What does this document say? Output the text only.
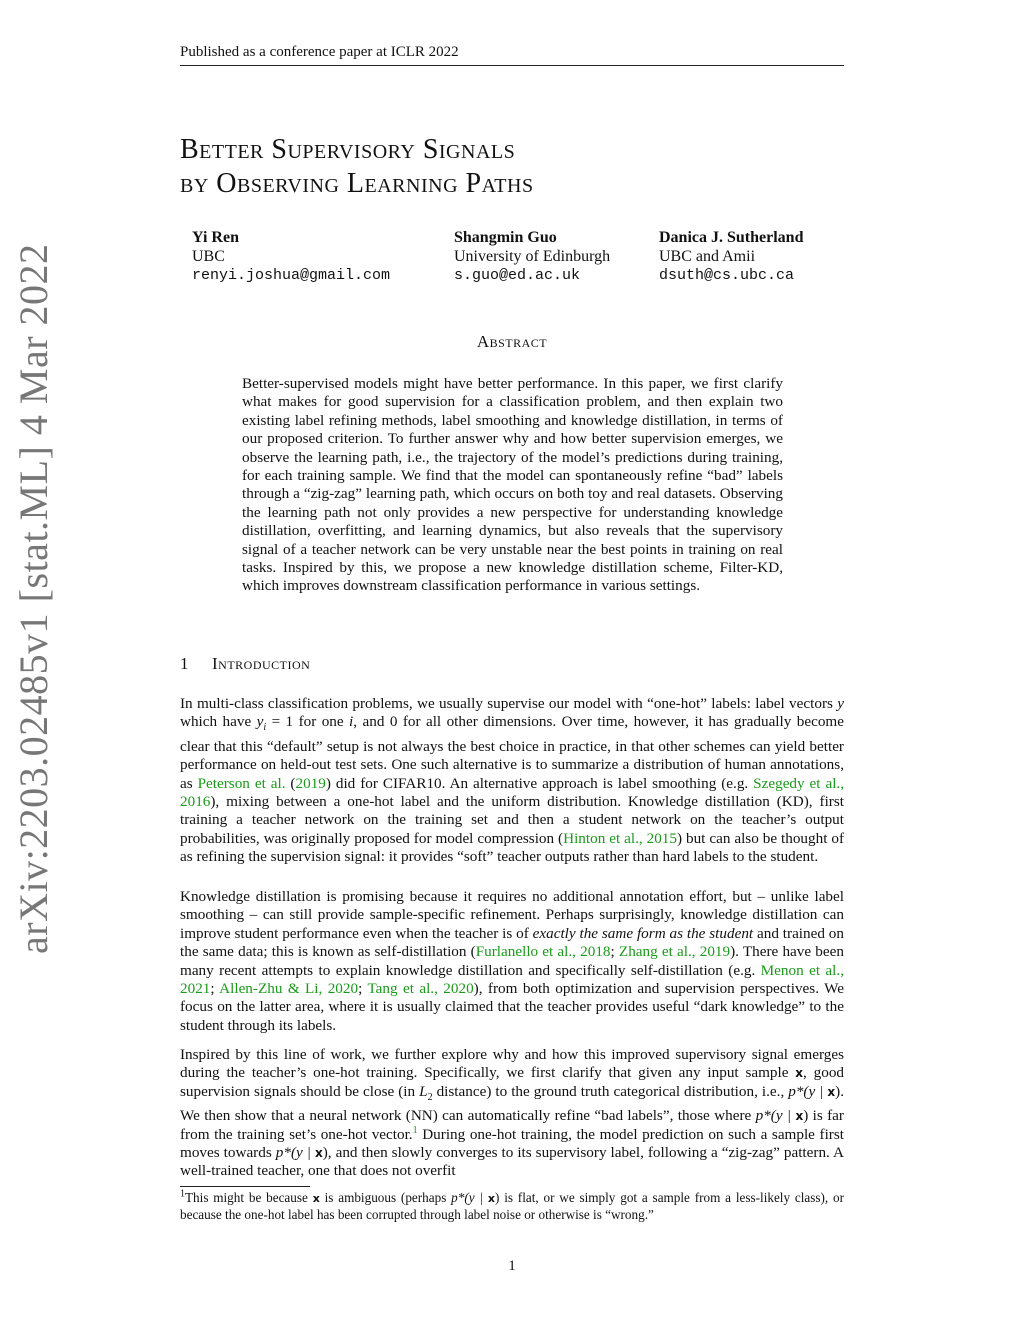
arXiv:2203.02485v1 [stat.ML] 4 Mar 2022
Published as a conference paper at ICLR 2022
Better Supervisory Signals
by Observing Learning Paths
Yi Ren
UBC
renyi.joshua@gmail.com
Shangmin Guo
University of Edinburgh
s.guo@ed.ac.uk
Danica J. Sutherland
UBC and Amii
dsuth@cs.ubc.ca
Abstract
Better-supervised models might have better performance. In this paper, we first clarify what makes for good supervision for a classification problem, and then explain two existing label refining methods, label smoothing and knowledge distillation, in terms of our proposed criterion. To further answer why and how better supervision emerges, we observe the learning path, i.e., the trajectory of the model’s predictions during training, for each training sample. We find that the model can spontaneously refine “bad” labels through a “zig-zag” learning path, which occurs on both toy and real datasets. Observing the learning path not only provides a new perspective for understanding knowledge distillation, overfitting, and learning dynamics, but also reveals that the supervisory signal of a teacher network can be very unstable near the best points in training on real tasks. Inspired by this, we propose a new knowledge distillation scheme, Filter-KD, which improves downstream classification performance in various settings.
1 Introduction
In multi-class classification problems, we usually supervise our model with “one-hot” labels: label vectors y which have $y_i = 1$ for one i, and 0 for all other dimensions. Over time, however, it has gradually become clear that this “default” setup is not always the best choice in practice, in that other schemes can yield better performance on held-out test sets. One such alternative is to summarize a distribution of human annotations, as Peterson et al. (2019) did for CIFAR10. An alternative approach is label smoothing (e.g. Szegedy et al., 2016), mixing between a one-hot label and the uniform distribution. Knowledge distillation (KD), first training a teacher network on the training set and then a student network on the teacher’s output probabilities, was originally proposed for model compression (Hinton et al., 2015) but can also be thought of as refining the supervision signal: it provides “soft” teacher outputs rather than hard labels to the student.
Knowledge distillation is promising because it requires no additional annotation effort, but – unlike label smoothing – can still provide sample-specific refinement. Perhaps surprisingly, knowledge distillation can improve student performance even when the teacher is of exactly the same form as the student and trained on the same data; this is known as self-distillation (Furlanello et al., 2018; Zhang et al., 2019). There have been many recent attempts to explain knowledge distillation and specifically self-distillation (e.g. Menon et al., 2021; Allen-Zhu & Li, 2020; Tang et al., 2020), from both optimization and supervision perspectives. We focus on the latter area, where it is usually claimed that the teacher provides useful “dark knowledge” to the student through its labels.
Inspired by this line of work, we further explore why and how this improved supervisory signal emerges during the teacher’s one-hot training. Specifically, we first clarify that given any input sample x, good supervision signals should be close (in $L_2$ distance) to the ground truth categorical distribution, i.e., p*(y | x). We then show that a neural network (NN) can automatically refine “bad labels”, those where p*(y | x) is far from the training set’s one-hot vector.$^1$ During one-hot training, the model prediction on such a sample first moves towards p*(y | x), and then slowly converges to its supervisory label, following a “zig-zag” pattern. A well-trained teacher, one that does not overfit
$^1$This might be because x is ambiguous (perhaps p*(y | x) is flat, or we simply got a sample from a less-likely class), or because the one-hot label has been corrupted through label noise or otherwise is “wrong.”
1
